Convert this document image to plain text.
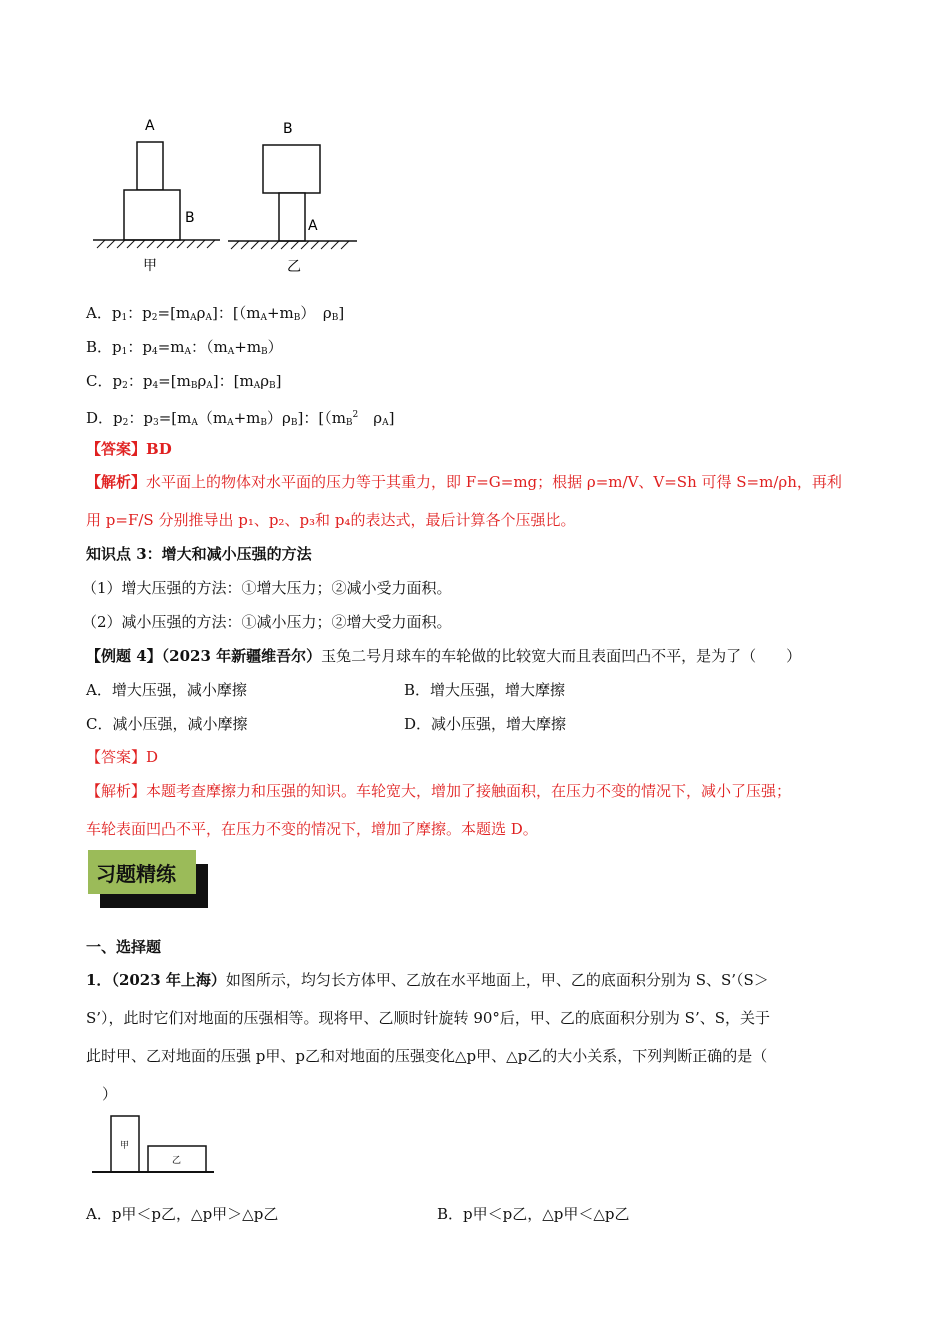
A
B
甲
B
A
乙
A．$p_1$：$p_2=[m_A\rho_A]$：[$(m_A+m_B)$　$\rho_B$]
B．$p_1$：$p_4=m_A$：$(m_A+m_B)$
C．$p_2$：$p_4=[m_B\rho_A]$：$[m_A\rho_B]$
D．$p_2$：$p_3=[m_A(m_A+m_B)\rho_B]$：[（$m_B^2$　$\rho_A$]
【答案】BD
【解析】水平面上的物体对水平面的压力等于其重力，即 F=G=mg；根据 ρ=m/V、V=Sh 可得 S=m/ρh，再利
用 p=F/S 分别推导出 p₁、p₂、p₃和 p₄的表达式，最后计算各个压强比。
知识点 3：增大和减小压强的方法
（1）增大压强的方法：①增大压力；②减小受力面积。
（2）减小压强的方法：①减小压力；②增大受力面积。
【例题 4】（2023 年新疆维吾尔）玉兔二号月球车的车轮做的比较宽大而且表面凹凸不平，是为了（　　）
A．增大压强，减小摩擦	B．增大压强，增大摩擦
C．减小压强，减小摩擦	D．减小压强，增大摩擦
【答案】D
【解析】本题考查摩擦力和压强的知识。车轮宽大，增加了接触面积，在压力不变的情况下，减小了压强；
车轮表面凹凸不平，在压力不变的情况下，增加了摩擦。本题选 D。
习题精练
一、选择题
1．（2023 年上海）如图所示，均匀长方体甲、乙放在水平地面上，甲、乙的底面积分别为 S、S’（S＞
S’），此时它们对地面的压强相等。现将甲、乙顺时针旋转 90°后，甲、乙的底面积分别为 S’、S，关于
此时甲、乙对地面的压强 p甲、p乙和对地面的压强变化△p甲、△p乙的大小关系，下列判断正确的是（
）
甲
乙
A．p甲＜p乙，△p甲＞△p乙	B．p甲＜p乙，△p甲＜△p乙
